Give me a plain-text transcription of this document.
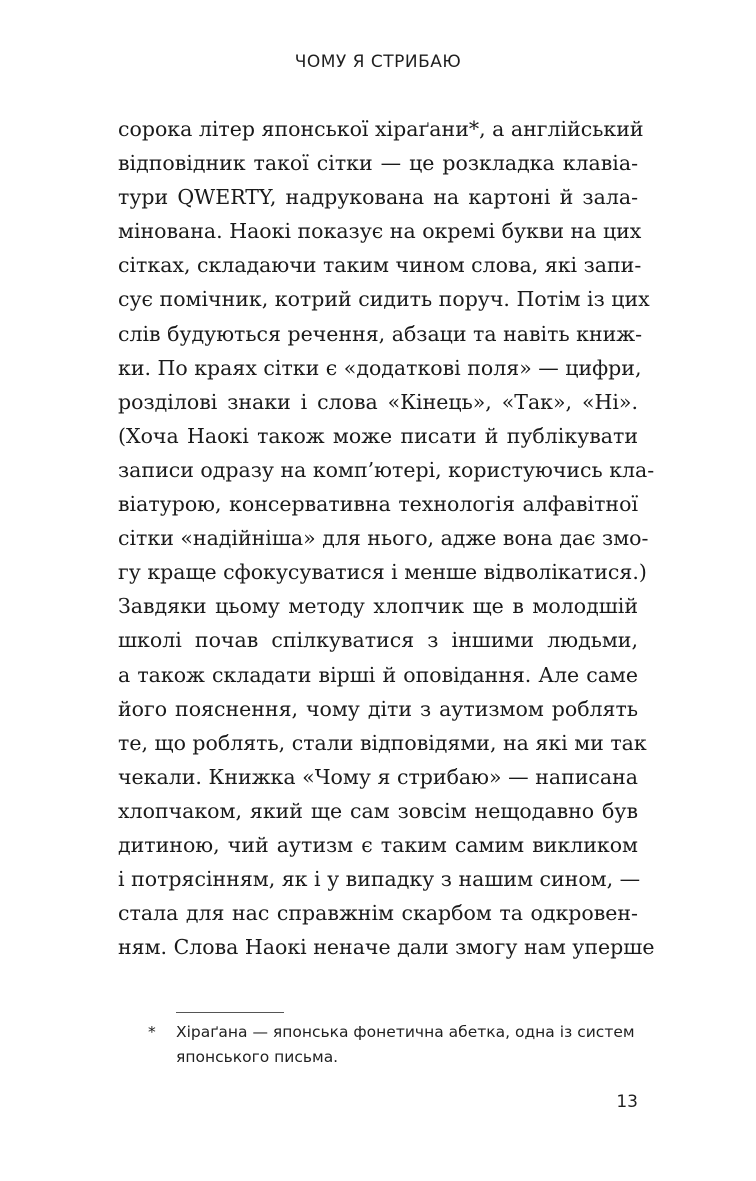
ЧОМУ Я СТРИБАЮ
сорока літер японської хіраґани*, а англійський
відповідник такої сітки — це розкладка клавіа-
тури QWERTY, надрукована на картоні й зала-
мінована. Наокі показує на окремі букви на цих
сітках, складаючи таким чином слова, які запи-
сує помічник, котрий сидить поруч. Потім із цих
слів будуються речення, абзаци та навіть книж-
ки. По краях сітки є «додаткові поля» — цифри,
розділові знаки і слова «Кінець», «Так», «Ні».
(Хоча Наокі також може писати й публікувати
записи одразу на комп’ютері, користуючись кла-
віатурою, консервативна технологія алфавітної
сітки «надійніша» для нього, адже вона дає змо-
гу краще сфокусуватися і менше відволікатися.)
Завдяки цьому методу хлопчик ще в молодшій
школі почав спілкуватися з іншими людьми,
а також складати вірші й оповідання. Але саме
його пояснення, чому діти з аутизмом роблять
те, що роблять, стали відповідями, на які ми так
чекали. Книжка «Чому я стрибаю» — написана
хлопчаком, який ще сам зовсім нещодавно був
дитиною, чий аутизм є таким самим викликом
і потрясінням, як і у випадку з нашим сином, —
стала для нас справжнім скарбом та одкровен-
ням. Слова Наокі неначе дали змогу нам уперше
* Хіраґана — японська фонетична абетка, одна із систем
японського письма.
13
